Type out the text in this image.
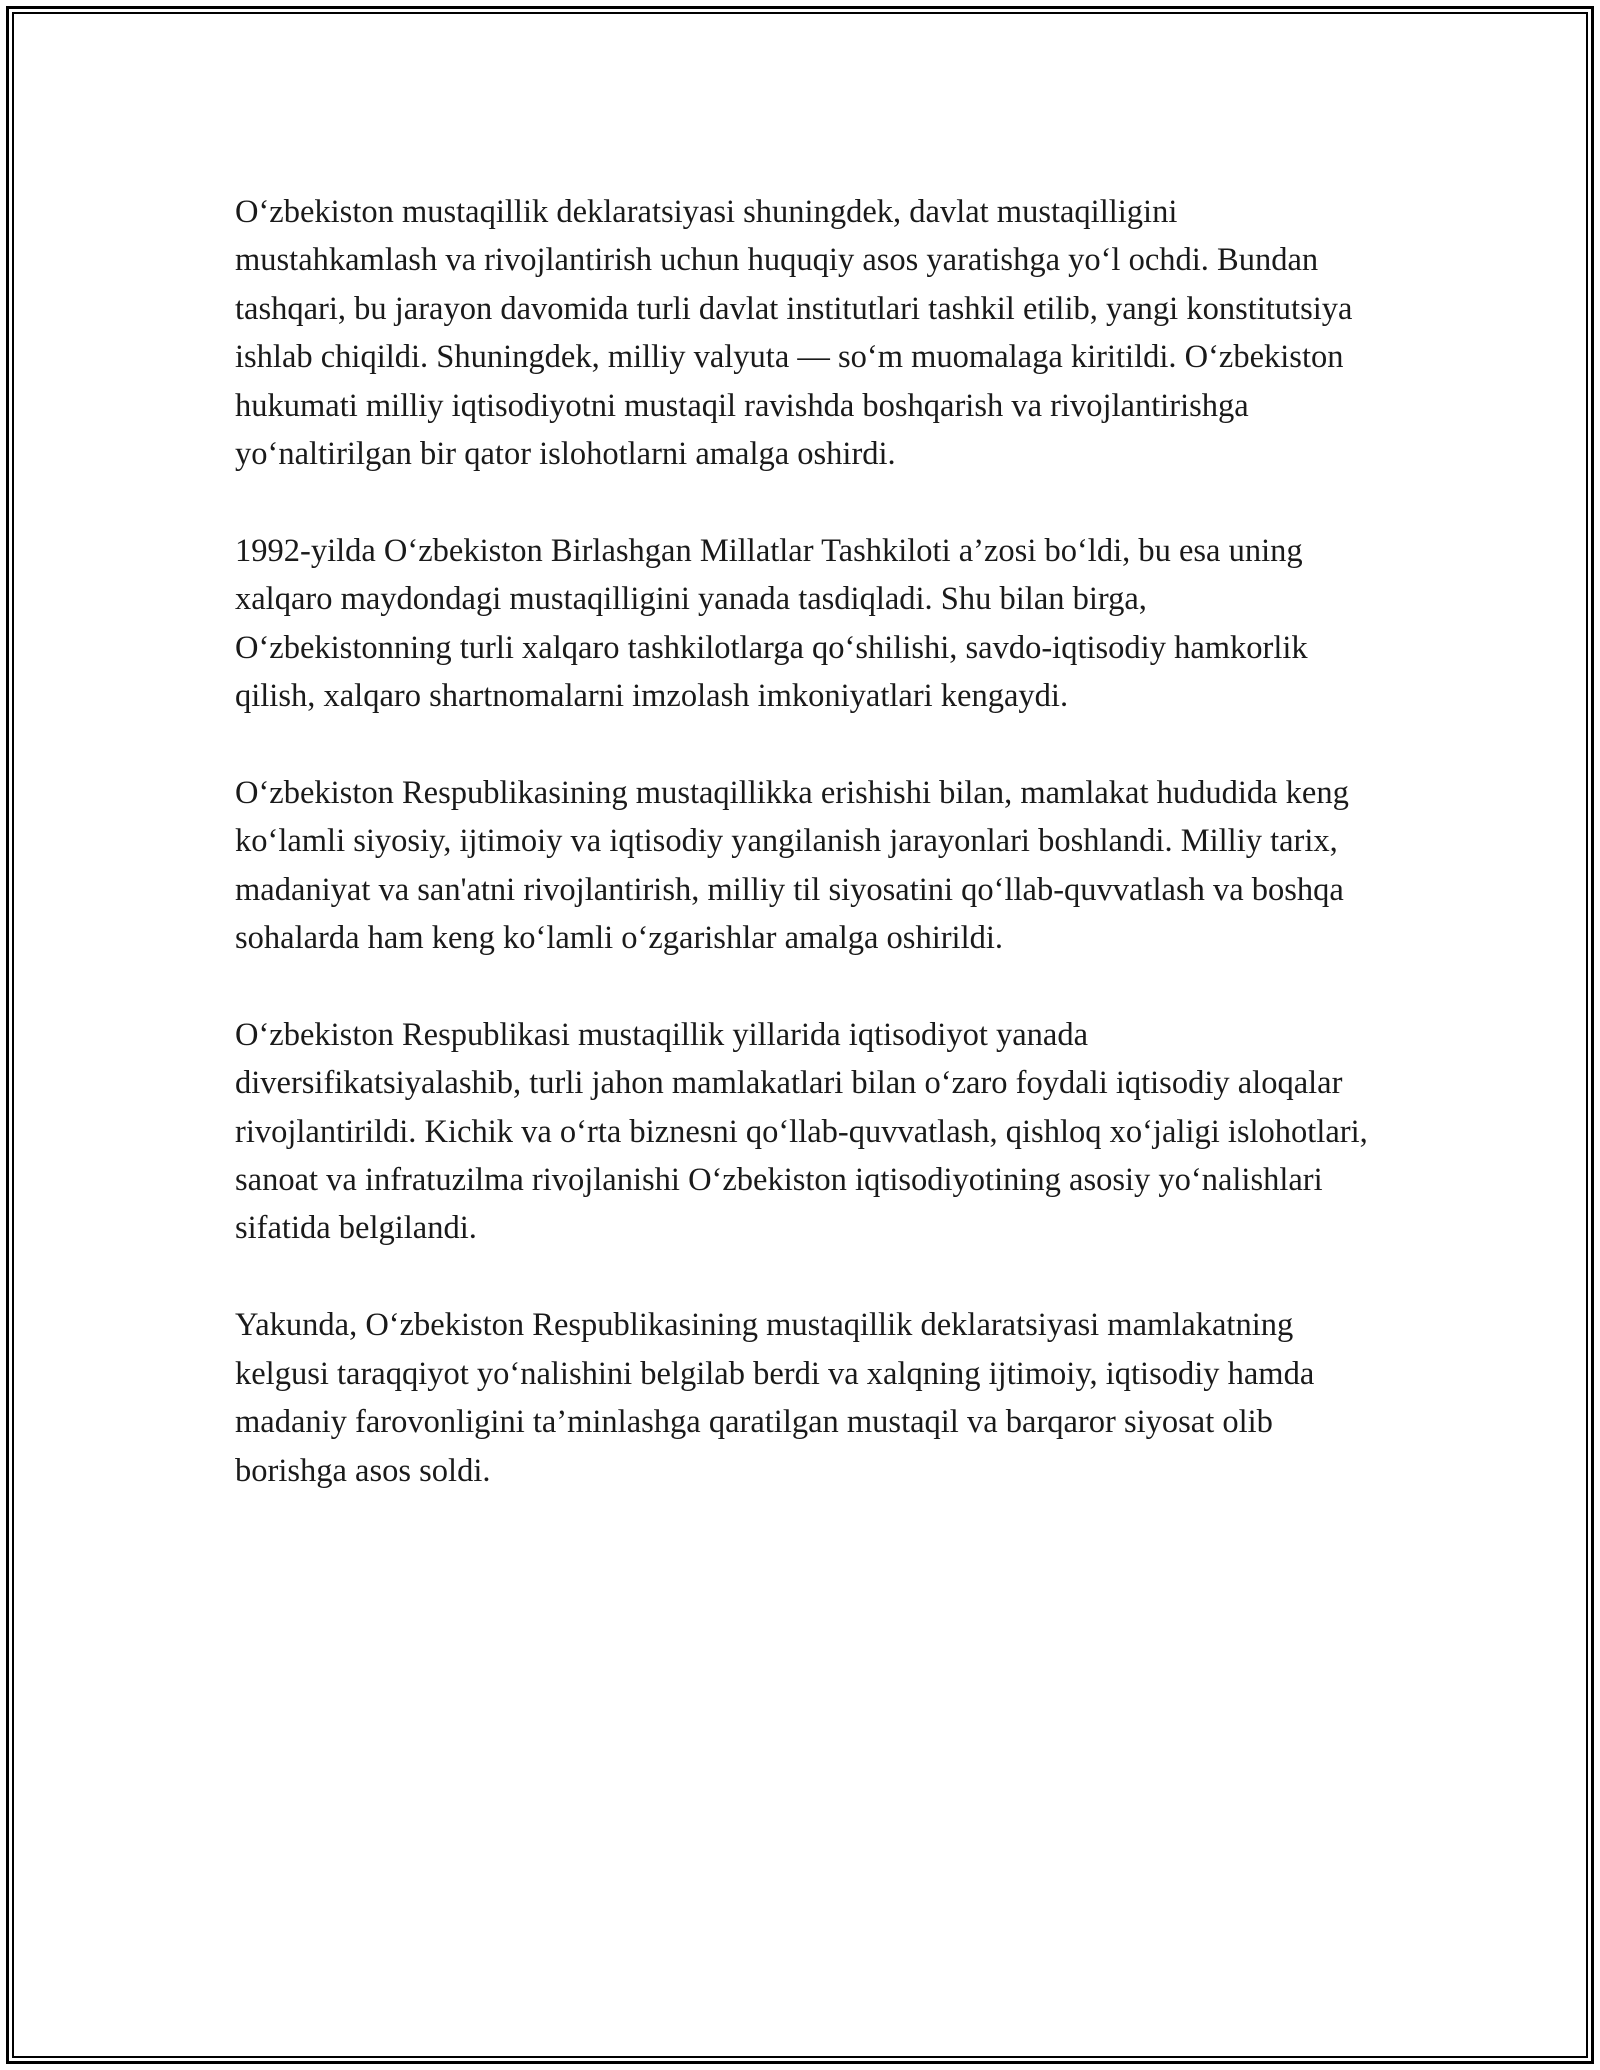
O‘zbekiston mustaqillik deklaratsiyasi shuningdek, davlat mustaqilligini mustahkamlash va rivojlantirish uchun huquqiy asos yaratishga yo‘l ochdi. Bundan tashqari, bu jarayon davomida turli davlat institutlari tashkil etilib, yangi konstitutsiya ishlab chiqildi. Shuningdek, milliy valyuta — so‘m muomalaga kiritildi. O‘zbekiston hukumati milliy iqtisodiyotni mustaqil ravishda boshqarish va rivojlantirishga yo‘naltirilgan bir qator islohotlarni amalga oshirdi.

1992-yilda O‘zbekiston Birlashgan Millatlar Tashkiloti a’zosi bo‘ldi, bu esa uning xalqaro maydondagi mustaqilligini yanada tasdiqladi. Shu bilan birga, O‘zbekistonning turli xalqaro tashkilotlarga qo‘shilishi, savdo-iqtisodiy hamkorlik qilish, xalqaro shartnomalarni imzolash imkoniyatlari kengaydi.

O‘zbekiston Respublikasining mustaqillikka erishishi bilan, mamlakat hududida keng ko‘lamli siyosiy, ijtimoiy va iqtisodiy yangilanish jarayonlari boshlandi. Milliy tarix, madaniyat va san'atni rivojlantirish, milliy til siyosatini qo‘llab-quvvatlash va boshqa sohalarda ham keng ko‘lamli o‘zgarishlar amalga oshirildi.

O‘zbekiston Respublikasi mustaqillik yillarida iqtisodiyot yanada diversifikatsiyalashib, turli jahon mamlakatlari bilan o‘zaro foydali iqtisodiy aloqalar rivojlantirildi. Kichik va o‘rta biznesni qo‘llab-quvvatlash, qishloq xo‘jaligi islohotlari, sanoat va infratuzilma rivojlanishi O‘zbekiston iqtisodiyotining asosiy yo‘nalishlari sifatida belgilandi.

Yakunda, O‘zbekiston Respublikasining mustaqillik deklaratsiyasi mamlakatning kelgusi taraqqiyot yo‘nalishini belgilab berdi va xalqning ijtimoiy, iqtisodiy hamda madaniy farovonligini ta’minlashga qaratilgan mustaqil va barqaror siyosat olib borishga asos soldi.
